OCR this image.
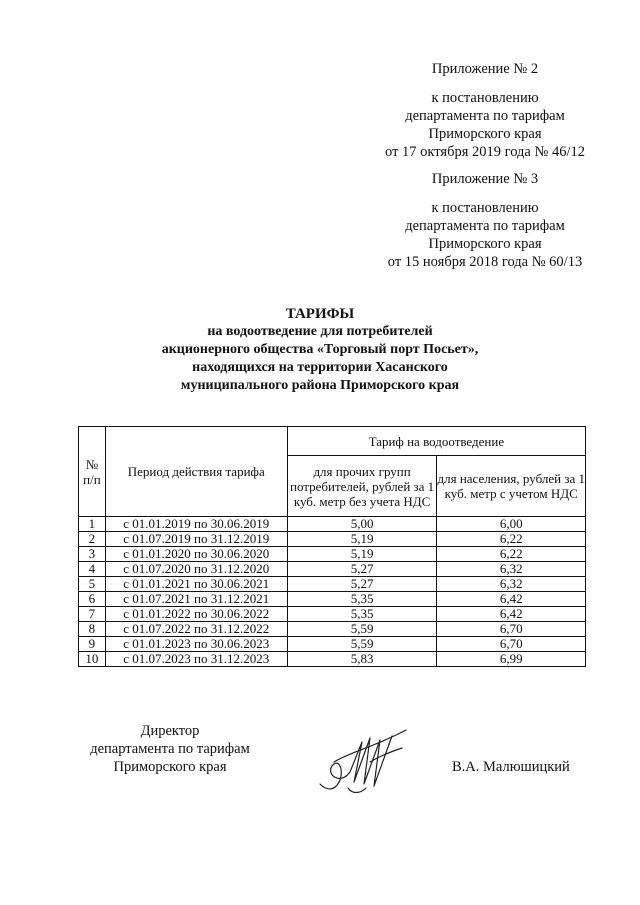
Приложение № 2
к постановлению
департамента по тарифам
Приморского края
от 17 октября 2019 года № 46/12
Приложение № 3
к постановлению
департамента по тарифам
Приморского края
от 15 ноября 2018 года № 60/13
ТАРИФЫ
на водоотведение для потребителей
акционерного общества «Торговый порт Посьет»,
находящихся на территории Хасанского
муниципального района Приморского края
№ п/п	Период действия тарифа	Тариф на водоотведение	
		для прочих групп потребителей, рублей за 1 куб. метр без учета НДС	для населения, рублей за 1 куб. метр с учетом НДС
1	с 01.01.2019 по 30.06.2019	5,00	6,00
2	с 01.07.2019 по 31.12.2019	5,19	6,22
3	с 01.01.2020 по 30.06.2020	5,19	6,22
4	с 01.07.2020 по 31.12.2020	5,27	6,32
5	с 01.01.2021 по 30.06.2021	5,27	6,32
6	с 01.07.2021 по 31.12.2021	5,35	6,42
7	с 01.01.2022 по 30.06.2022	5,35	6,42
8	с 01.07.2022 по 31.12.2022	5,59	6,70
9	с 01.01.2023 по 30.06.2023	5,59	6,70
10	с 01.07.2023 по 31.12.2023	5,83	6,99
Директор
департамента по тарифам
Приморского края	В.А. Малюшицкий
